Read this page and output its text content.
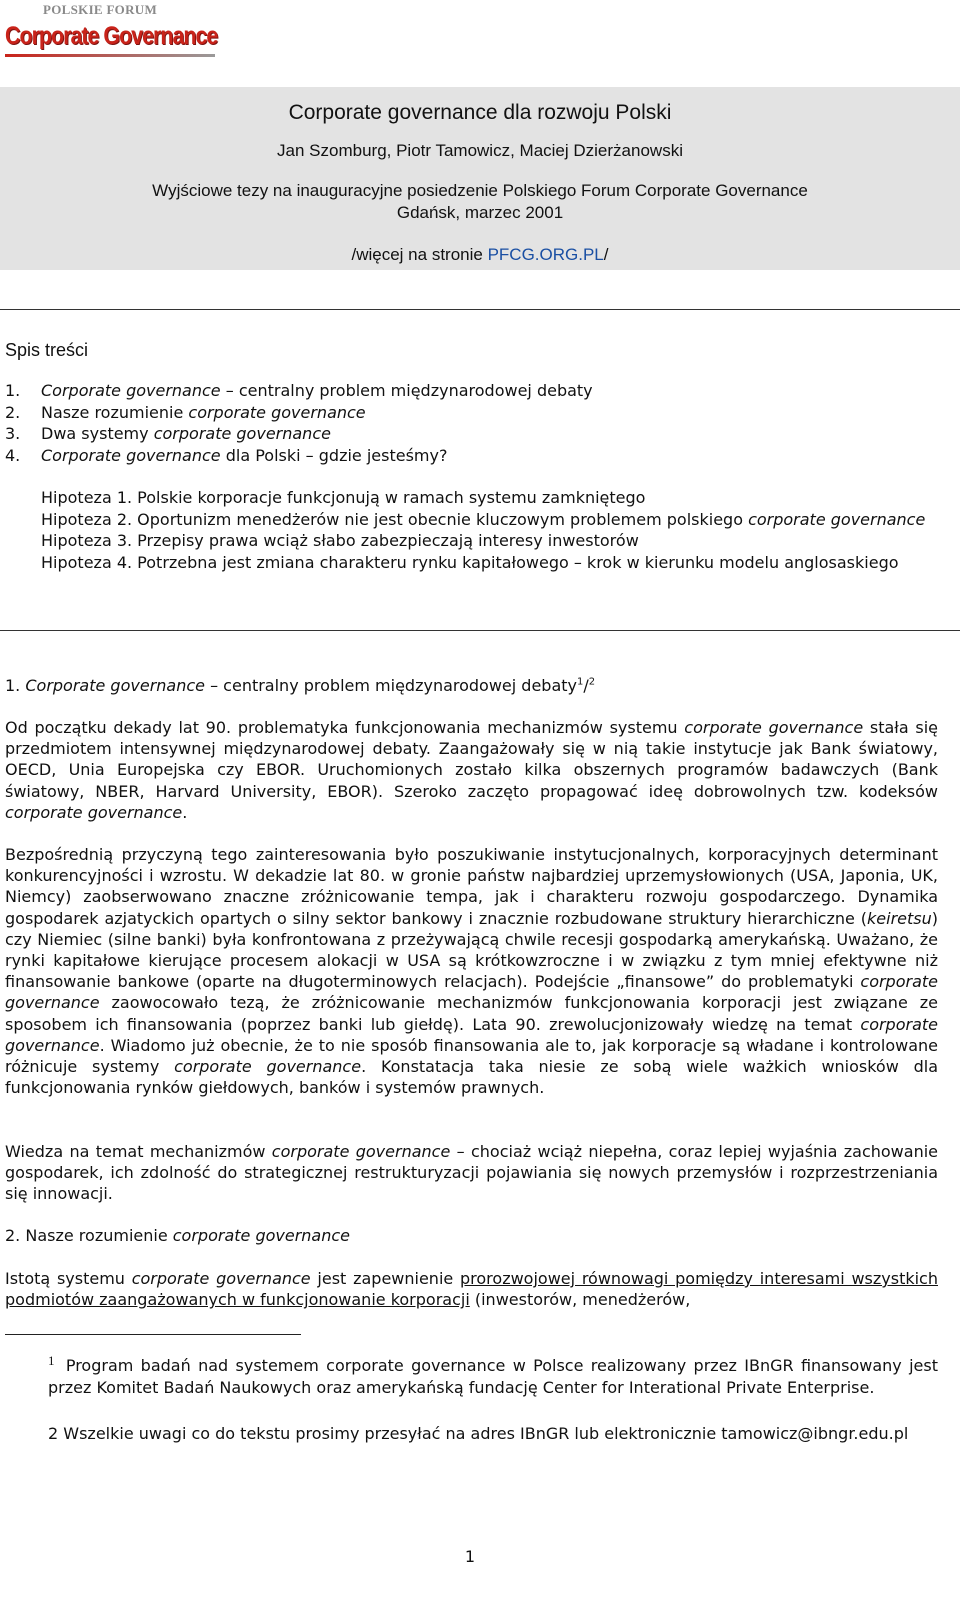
POLSKIE FORUM
Corporate Governance
Corporate governance dla rozwoju Polski
Jan Szomburg, Piotr Tamowicz, Maciej Dzierżanowski
Wyjściowe tezy na inauguracyjne posiedzenie Polskiego Forum Corporate Governance
Gdańsk, marzec 2001
/więcej na stronie PFCG.ORG.PL/
Spis treści
1.	Corporate governance – centralny problem międzynarodowej debaty
2.	Nasze rozumienie corporate governance
3.	Dwa systemy corporate governance
4.	Corporate governance dla Polski – gdzie jesteśmy?
Hipoteza 1. Polskie korporacje funkcjonują w ramach systemu zamkniętego
Hipoteza 2. Oportunizm menedżerów nie jest obecnie kluczowym problemem polskiego corporate governance
Hipoteza 3. Przepisy prawa wciąż słabo zabezpieczają interesy inwestorów
Hipoteza 4. Potrzebna jest zmiana charakteru rynku kapitałowego – krok w kierunku modelu anglosaskiego
1. Corporate governance – centralny problem międzynarodowej debaty$^1$/$^2$
Od początku dekady lat 90. problematyka funkcjonowania mechanizmów systemu corporate governance stała się przedmiotem intensywnej międzynarodowej debaty. Zaangażowały się w nią takie instytucje jak Bank światowy, OECD, Unia Europejska czy EBOR. Uruchomionych zostało kilka obszernych programów badawczych (Bank światowy, NBER, Harvard University, EBOR). Szeroko zaczęto propagować ideę dobrowolnych tzw. kodeksów corporate governance.
Bezpośrednią przyczyną tego zainteresowania było poszukiwanie instytucjonalnych, korporacyjnych determinant konkurencyjności i wzrostu. W dekadzie lat 80. w gronie państw najbardziej uprzemysłowionych (USA, Japonia, UK, Niemcy) zaobserwowano znaczne zróżnicowanie tempa, jak i charakteru rozwoju gospodarczego. Dynamika gospodarek azjatyckich opartych o silny sektor bankowy i znacznie rozbudowane struktury hierarchiczne (keiretsu) czy Niemiec (silne banki) była konfrontowana z przeżywającą chwile recesji gospodarką amerykańską. Uważano, że rynki kapitałowe kierujące procesem alokacji w USA są krótkowzroczne i w związku z tym mniej efektywne niż finansowanie bankowe (oparte na długoterminowych relacjach). Podejście „finansowe” do problematyki corporate governance zaowocowało tezą, że zróżnicowanie mechanizmów funkcjonowania korporacji jest związane ze sposobem ich finansowania (poprzez banki lub giełdę). Lata 90. zrewolucjonizowały wiedzę na temat corporate governance. Wiadomo już obecnie, że to nie sposób finansowania ale to, jak korporacje są władane i kontrolowane różnicuje systemy corporate governance. Konstatacja taka niesie ze sobą wiele ważkich wniosków dla funkcjonowania rynków giełdowych, banków i systemów prawnych.
Wiedza na temat mechanizmów corporate governance – chociaż wciąż niepełna, coraz lepiej wyjaśnia zachowanie gospodarek, ich zdolność do strategicznej restrukturyzacji pojawiania się nowych przemysłów i rozprzestrzeniania się innowacji.
2. Nasze rozumienie corporate governance
Istotą systemu corporate governance jest zapewnienie prorozwojowej równowagi pomiędzy interesami wszystkich podmiotów zaangażowanych w funkcjonowanie korporacji (inwestorów, menedżerów,
$^1$ Program badań nad systemem corporate governance w Polsce realizowany przez IBnGR finansowany jest przez Komitet Badań Naukowych oraz amerykańską fundację Center for Interational Private Enterprise.
2 Wszelkie uwagi co do tekstu prosimy przesyłać na adres IBnGR lub elektronicznie tamowicz@ibngr.edu.pl
1
